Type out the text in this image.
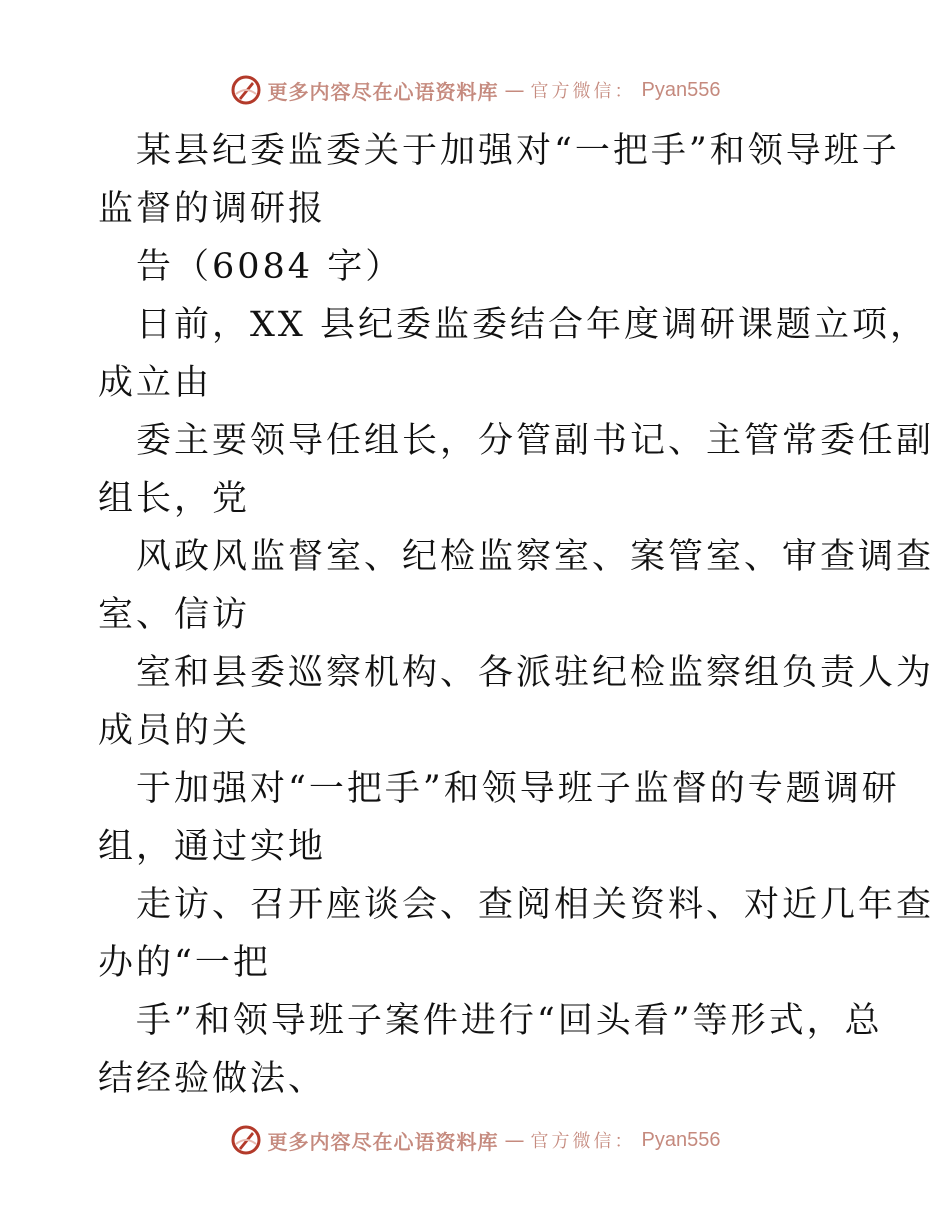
更多内容尽在心语资料库 — 官方微信： Pyan556
某县纪委监委关于加强对“一把手”和领导班子
监督的调研报
告（6084 字）
日前，XX 县纪委监委结合年度调研课题立项，
成立由
委主要领导任组长，分管副书记、主管常委任副
组长，党
风政风监督室、纪检监察室、案管室、审查调查
室、信访
室和县委巡察机构、各派驻纪检监察组负责人为
成员的关
于加强对“一把手”和领导班子监督的专题调研
组，通过实地
走访、召开座谈会、查阅相关资料、对近几年查
办的“一把
手”和领导班子案件进行“回头看”等形式，总
结经验做法、
更多内容尽在心语资料库 — 官方微信： Pyan556
